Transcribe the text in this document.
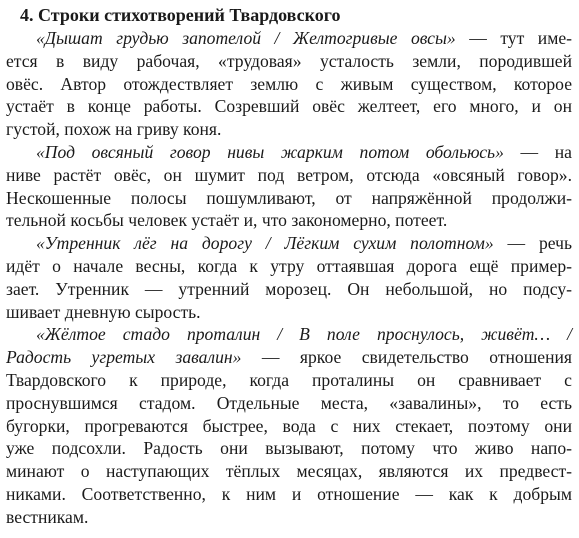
4. Строки стихотворений Твардовского
«Дышат грудью запотелой / Желтогривые овсы» — тут име-
ется в виду рабочая, «трудовая» усталость земли, породившей
овёс. Автор отождествляет землю с живым существом, которое
устаёт в конце работы. Созревший овёс желтеет, его много, и он
густой, похож на гриву коня.
«Под овсяный говор нивы жарким потом обольюсь» — на
ниве растёт овёс, он шумит под ветром, отсюда «овсяный говор».
Нескошенные полосы пошумливают, от напряжённой продолжи-
тельной косьбы человек устаёт и, что закономерно, потеет.
«Утренник лёг на дорогу / Лёгким сухим полотном» — речь
идёт о начале весны, когда к утру оттаявшая дорога ещё пример-
зает. Утренник — утренний морозец. Он небольшой, но подсу-
шивает дневную сырость.
«Жёлтое стадо проталин / В поле проснулось, живёт… /
Радость угретых завалин» — яркое свидетельство отношения
Твардовского к природе, когда проталины он сравнивает с
проснувшимся стадом. Отдельные места, «завалины», то есть
бугорки, прогреваются быстрее, вода с них стекает, поэтому они
уже подсохли. Радость они вызывают, потому что живо напо-
минают о наступающих тёплых месяцах, являются их предвест-
никами. Соответственно, к ним и отношение — как к добрым
вестникам.
